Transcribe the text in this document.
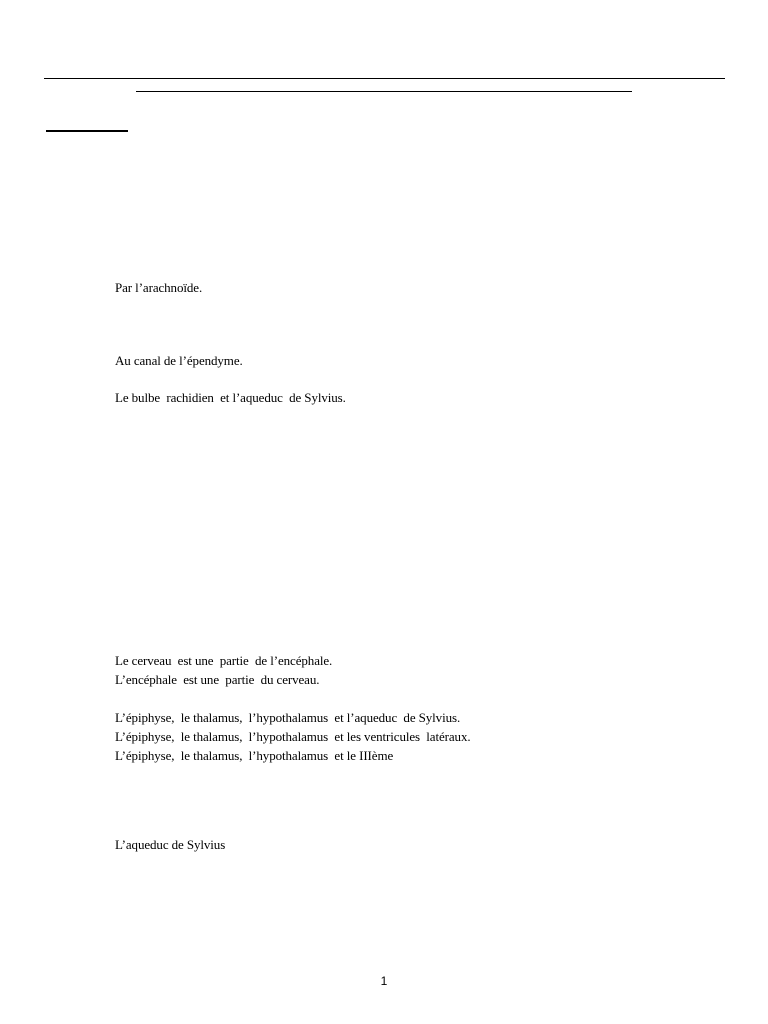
Par l’arachnoïde.
Au canal de l’épendyme.
Le bulbe  rachidien  et l’aqueduc  de Sylvius.
Le cerveau  est une  partie  de l’encéphale.
L’encéphale  est une  partie  du cerveau.
L’épiphyse,  le thalamus,  l’hypothalamus  et l’aqueduc  de Sylvius.
L’épiphyse,  le thalamus,  l’hypothalamus  et les ventricules  latéraux.
L’épiphyse,  le thalamus,  l’hypothalamus  et le IIIème
L’aqueduc de Sylvius
1
